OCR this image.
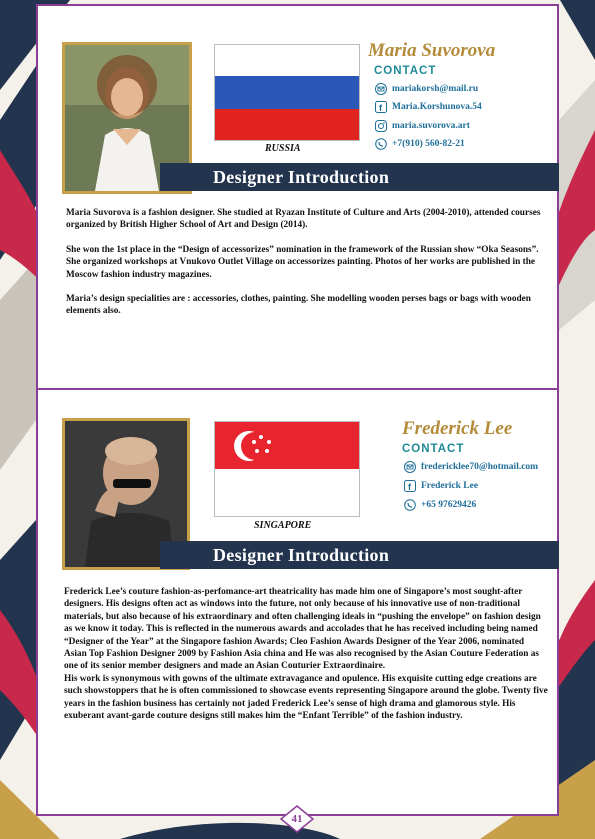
RUSSIA
Maria Suvorova
CONTACT
mariakorsh@mail.ru
f Maria.Korshunova.54
maria.suvorova.art
+7(910) 560-82-21
Designer Introduction

Maria Suvorova is a fashion designer. She studied at Ryazan Institute of Culture and Arts (2004-2010), attended courses organized by British Higher School of Art and Design (2014).

She won the 1st place in the “Design of accessorizes” nomination in the framework of the Russian show “Oka Seasons”. She organized workshops at Vnukovo Outlet Village on accessorizes painting. Photos of her works are published in the Moscow fashion industry magazines.

Maria’s design specialities are : accessories, clothes, painting. She modelling wooden perses bags or bags with wooden elements also.

SINGAPORE
Frederick Lee
CONTACT
fredericklee70@hotmail.com
f Frederick Lee
+65 97629426
Designer Introduction

Frederick Lee’s couture fashion-as-perfomance-art theatricality has made him one of Singapore’s most sought-after designers. His designs often act as windows into the future, not only because of his innovative use of non-traditional materials, but also because of his extraordinary and often challenging ideals in “pushing the envelope” on fashion design as we know it today. This is reflected in the numerous awards and accolades that he has received including being named “Designer of the Year” at the Singapore fashion Awards; Cleo Fashion Awards Designer of the Year 2006, nominated Asian Top Fashion Designer 2009 by Fashion Asia china and He was also recognised by the Asian Couture Federation as one of its senior member designers and made an Asian Couturier Extraordinaire.

His work is synonymous with gowns of the ultimate extravagance and opulence. His exquisite cutting edge creations are such showstoppers that he is often commissioned to showcase events representing Singapore around the globe. Twenty five years in the fashion business has certainly not jaded Frederick Lee’s sense of high drama and glamorous style. His exuberant avant-garde couture designs still makes him the “Enfant Terrible” of the fashion industry.

41
